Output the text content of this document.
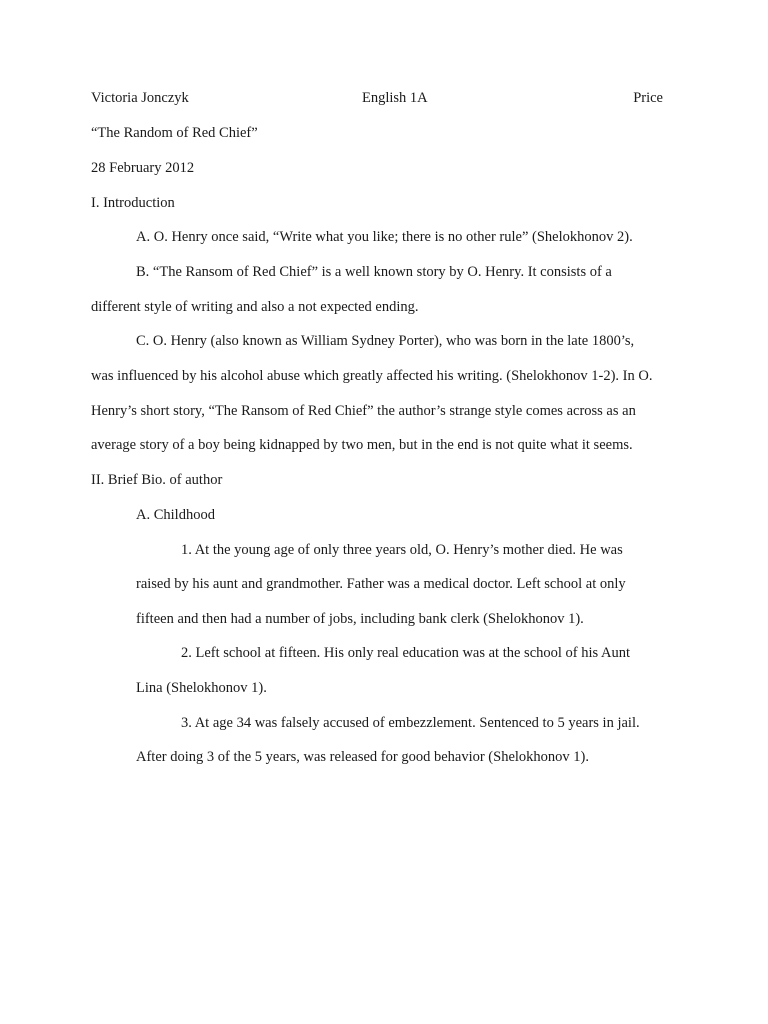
Victoria Jonczyk	English 1A	Price
“The Random of Red Chief”
28 February 2012
I. Introduction
A. O. Henry once said, “Write what you like; there is no other rule” (Shelokhonov 2).
B. “The Ransom of Red Chief” is a well known story by O. Henry. It consists of a
different style of writing and also a not expected ending.
C. O. Henry (also known as William Sydney Porter), who was born in the late 1800’s,
was influenced by his alcohol abuse which greatly affected his writing. (Shelokhonov 1-2). In O.
Henry’s short story, “The Ransom of Red Chief” the author’s strange style comes across as an
average story of a boy being kidnapped by two men, but in the end is not quite what it seems.
II. Brief Bio. of author
A. Childhood
1. At the young age of only three years old, O. Henry’s mother died. He was
raised by his aunt and grandmother. Father was a medical doctor. Left school at only
fifteen and then had a number of jobs, including bank clerk (Shelokhonov 1).
2. Left school at fifteen. His only real education was at the school of his Aunt
Lina (Shelokhonov 1).
3. At age 34 was falsely accused of embezzlement. Sentenced to 5 years in jail.
After doing 3 of the 5 years, was released for good behavior (Shelokhonov 1).
